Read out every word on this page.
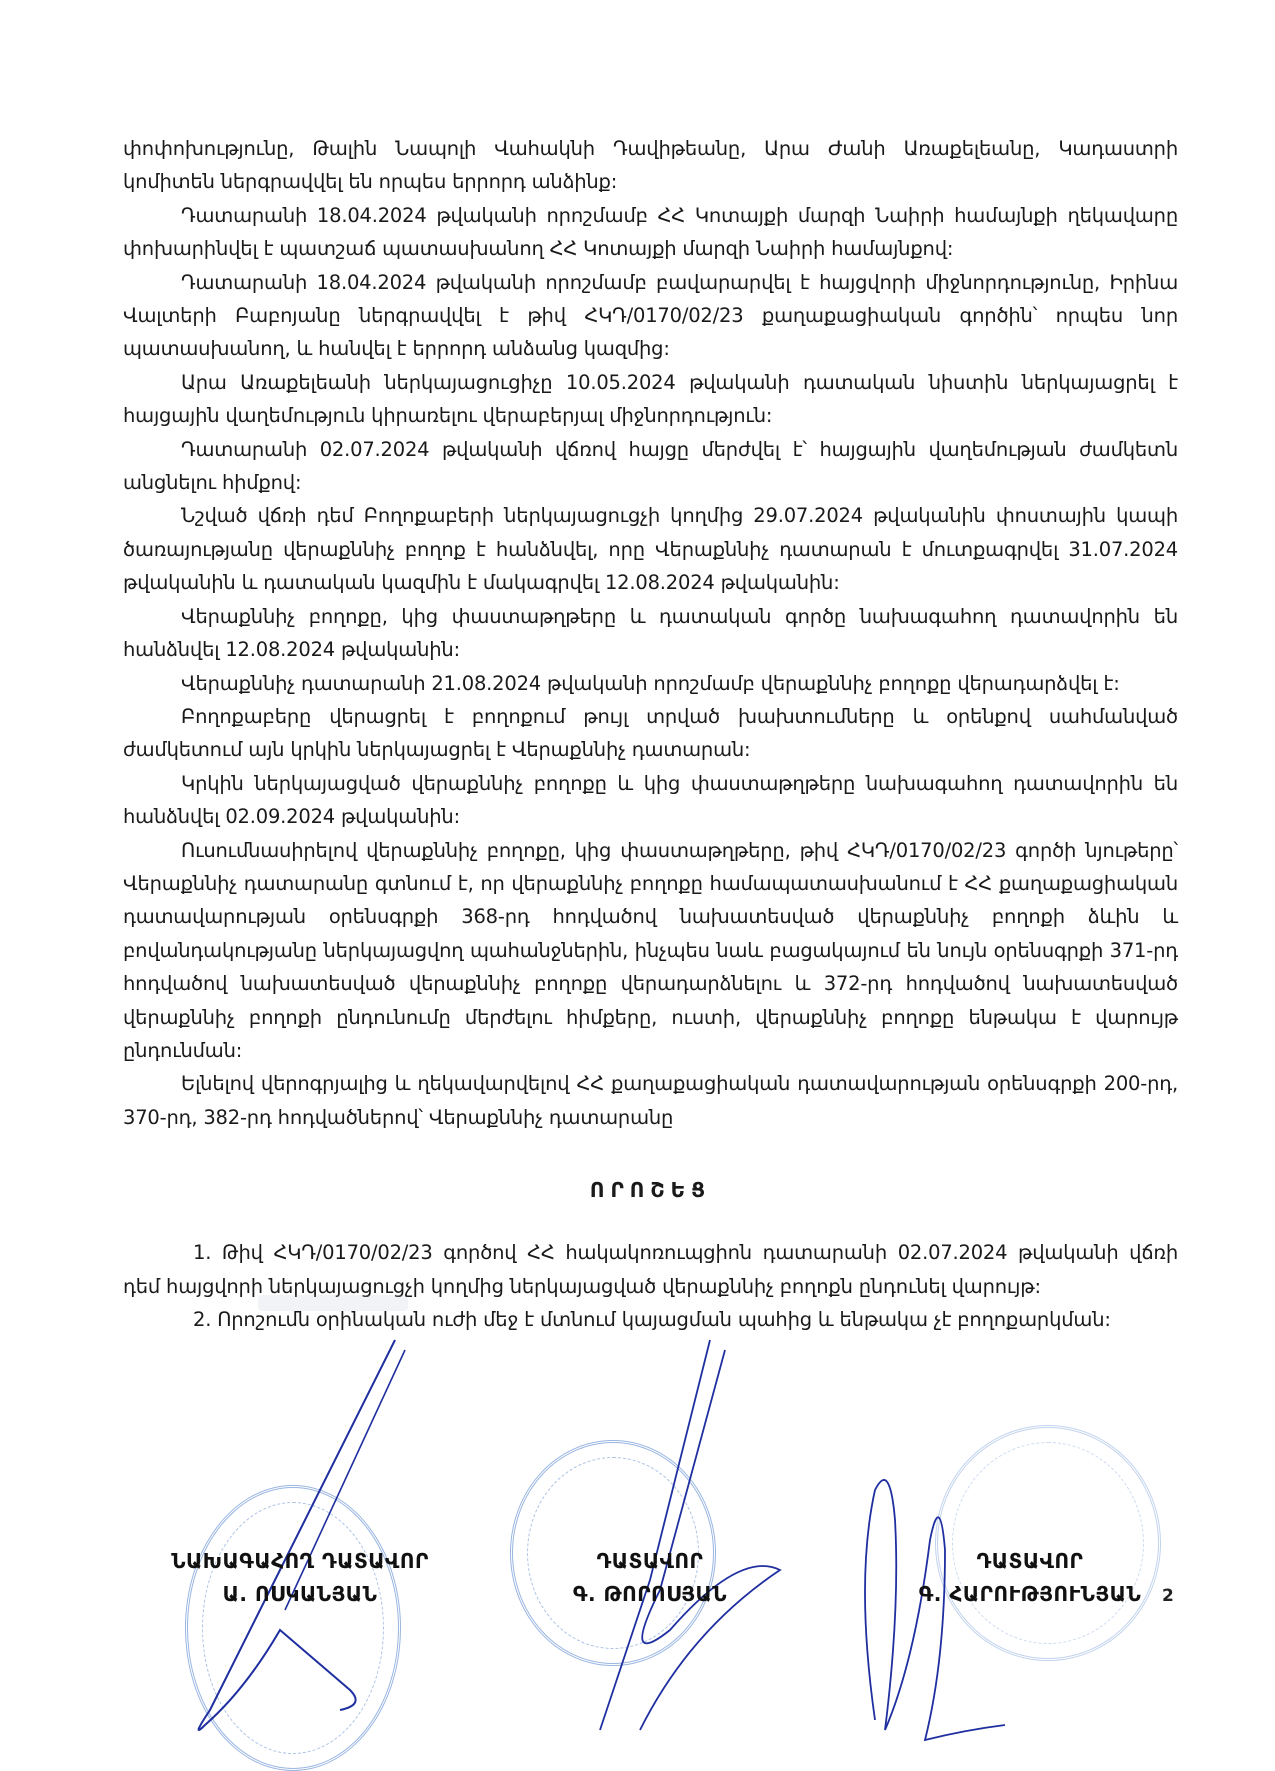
փոփոխությունը, Թալին Նապոլի Վահակնի Դավիթեանը, Արա Ժանի Առաքելեանը, Կադաստրի կոմիտեն ներգրավվել են որպես երրորդ անձինք:

Դատարանի 18.04.2024 թվականի որոշմամբ ՀՀ Կոտայքի մարզի Նաիրի համայնքի ղեկավարը փոխարինվել է պատշաճ պատասխանող ՀՀ Կոտայքի մարզի Նաիրի համայնքով:

Դատարանի 18.04.2024 թվականի որոշմամբ բավարարվել է հայցվորի միջնորդությունը, Իրինա Վալտերի Բաբոյանը ներգրավվել է թիվ ՀԿԴ/0170/02/23 քաղաքացիական գործին՝ որպես նոր պատասխանող, և հանվել է երրորդ անձանց կազմից:

Արա Առաքելեանի ներկայացուցիչը 10.05.2024 թվականի դատական նիստին ներկայացրել է հայցային վաղեմություն կիրառելու վերաբերյալ միջնորդություն:

Դատարանի 02.07.2024 թվականի վճռով հայցը մերժվել է՝ հայցային վաղեմության ժամկետն անցնելու հիմքով:

Նշված վճռի դեմ Բողոքաբերի ներկայացուցչի կողմից 29.07.2024 թվականին փոստային կապի ծառայությանը վերաքննիչ բողոք է հանձնվել, որը Վերաքննիչ դատարան է մուտքագրվել 31.07.2024 թվականին և դատական կազմին է մակագրվել 12.08.2024 թվականին:

Վերաքննիչ բողոքը, կից փաստաթղթերը և դատական գործը նախագահող դատավորին են հանձնվել 12.08.2024 թվականին:

Վերաքննիչ դատարանի 21.08.2024 թվականի որոշմամբ վերաքննիչ բողոքը վերադարձվել է:

Բողոքաբերը վերացրել է բողոքում թույլ տրված խախտումները և օրենքով սահմանված ժամկետում այն կրկին ներկայացրել է Վերաքննիչ դատարան:

Կրկին ներկայացված վերաքննիչ բողոքը և կից փաստաթղթերը նախագահող դատավորին են հանձնվել 02.09.2024 թվականին:

Ուսումնասիրելով վերաքննիչ բողոքը, կից փաստաթղթերը, թիվ ՀԿԴ/0170/02/23 գործի նյութերը՝ Վերաքննիչ դատարանը գտնում է, որ վերաքննիչ բողոքը համապատասխանում է ՀՀ քաղաքացիական դատավարության օրենսգրքի 368-րդ հոդվածով նախատեսված վերաքննիչ բողոքի ձևին և բովանդակությանը ներկայացվող պահանջներին, ինչպես նաև բացակայում են նույն օրենսգրքի 371-րդ հոդվածով նախատեսված վերաքննիչ բողոքը վերադարձնելու և 372-րդ հոդվածով նախատեսված վերաքննիչ բողոքի ընդունումը մերժելու հիմքերը, ուստի, վերաքննիչ բողոքը ենթակա է վարույթ ընդունման:

Ելնելով վերոգրյալից և ղեկավարվելով ՀՀ քաղաքացիական դատավարության օրենսգրքի 200-րդ, 370-րդ, 382-րդ հոդվածներով՝ Վերաքննիչ դատարանը

ՈՐՈՇԵՑ

1. Թիվ ՀԿԴ/0170/02/23 գործով ՀՀ հակակոռուպցիոն դատարանի 02.07.2024 թվականի վճռի դեմ հայցվորի ներկայացուցչի կողմից ներկայացված վերաքննիչ բողոքն ընդունել վարույթ:

2. Որոշումն օրինական ուժի մեջ է մտնում կայացման պահից և ենթակա չէ բողոքարկման:

ՆԱԽԱԳԱՀՈՂ ԴԱՏԱՎՈՐ
Ա. ՈՍԿԱՆՅԱՆ
ԴԱՏԱՎՈՐ
Գ. ԹՈՐՈՍՅԱՆ
ԴԱՏԱՎՈՐ
Գ. ՀԱՐՈՒԹՅՈՒՆՅԱՆ	2
